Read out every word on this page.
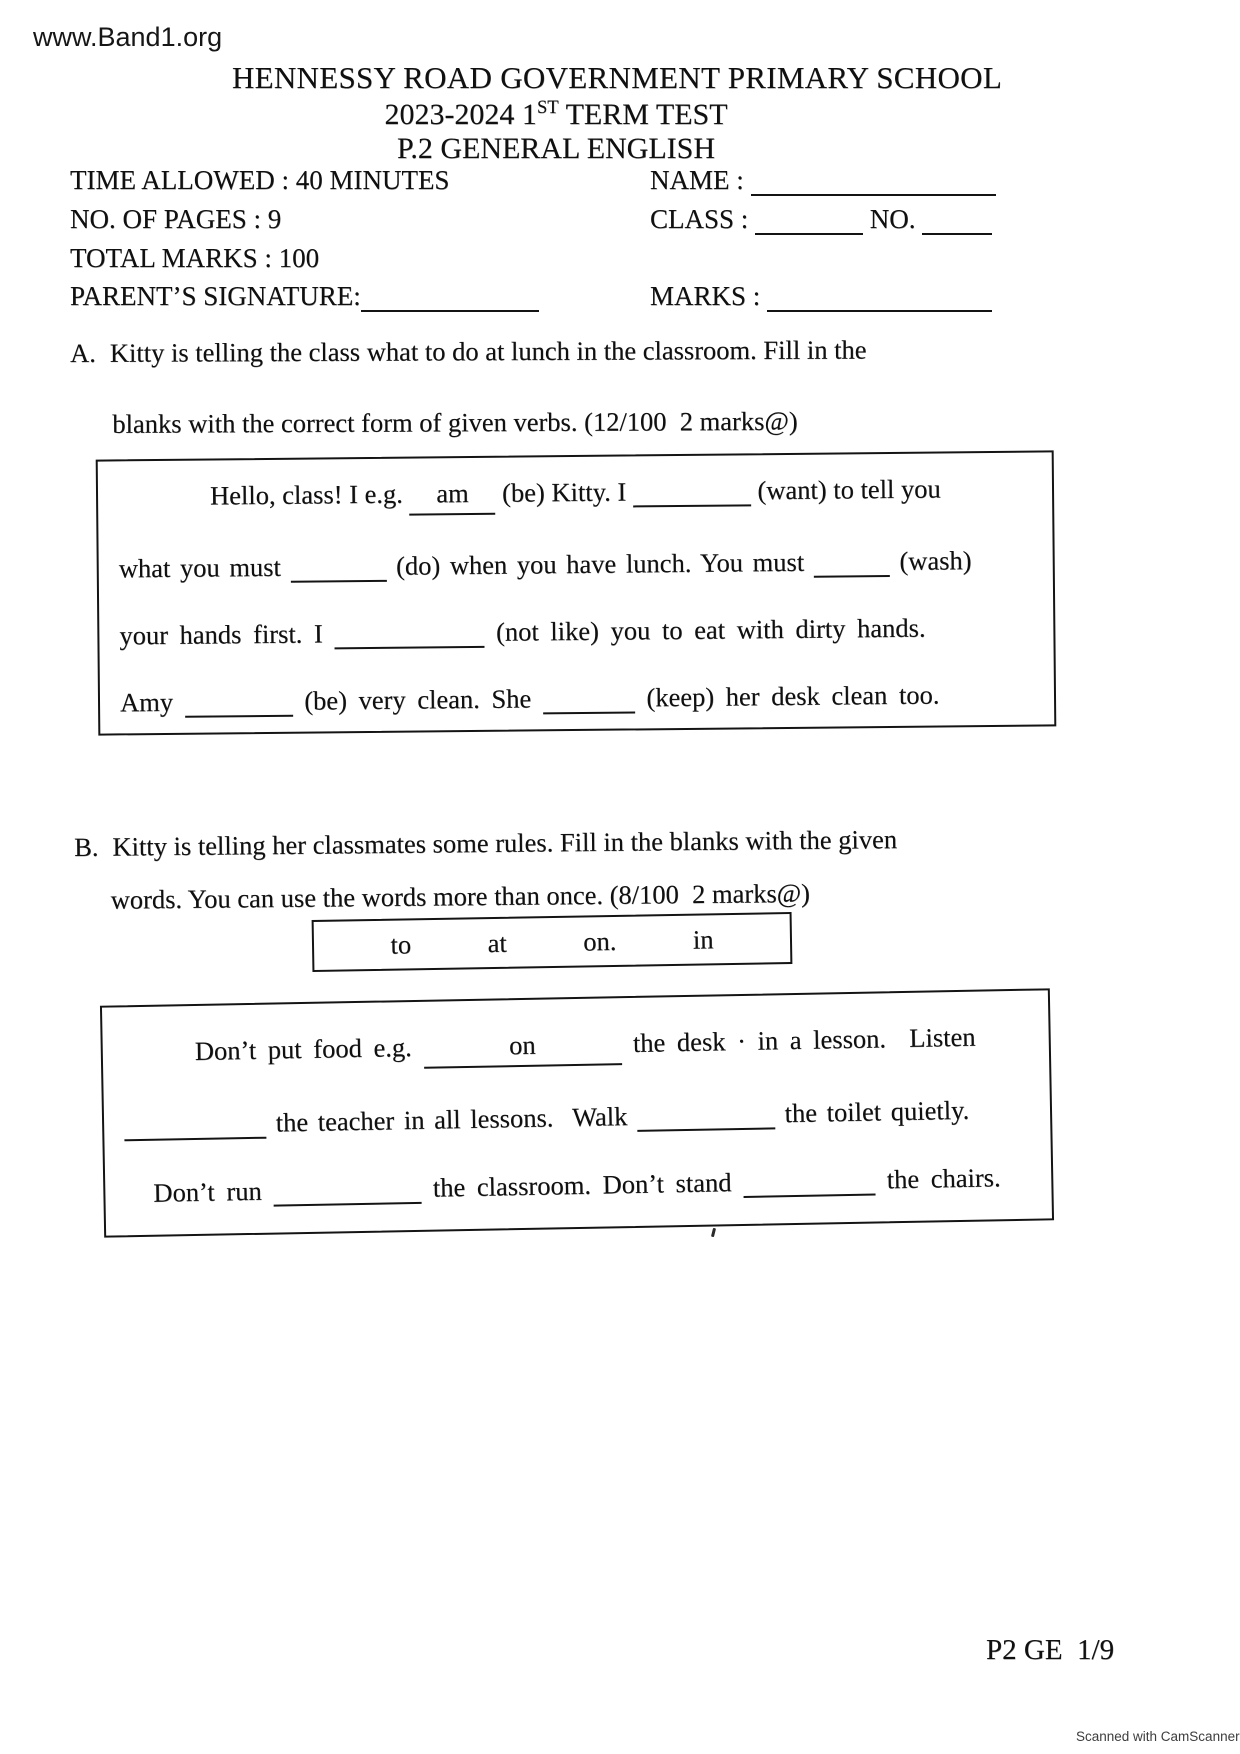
www.Band1.org
HENNESSY ROAD GOVERNMENT PRIMARY SCHOOL
2023-2024 1ST TERM TEST
P.2 GENERAL ENGLISH
TIME ALLOWED : 40 MINUTES	NAME :
NO. OF PAGES : 9	CLASS :	NO.
TOTAL MARKS : 100
PARENT’S SIGNATURE:	MARKS :
A. Kitty is telling the class what to do at lunch in the classroom. Fill in the
blanks with the correct form of given verbs. (12/100  2 marks@)
Hello, class! I e.g. am (be) Kitty. I	(want) to tell you
what you must	(do) when you have lunch. You must	(wash)
your hands first. I	(not like) you to eat with dirty hands.
Amy	(be) very clean. She	(keep) her desk clean too.
B. Kitty is telling her classmates some rules. Fill in the blanks with the given
words. You can use the words more than once. (8/100  2 marks@)
to	at	on.	in
Don’t put food e.g.	on	the desk · in a lesson.  Listen
the teacher in all lessons.  Walk	the toilet quietly.
Don’t run	the classroom. Don’t stand	the chairs.
P2 GE  1/9
Scanned with CamScanner
